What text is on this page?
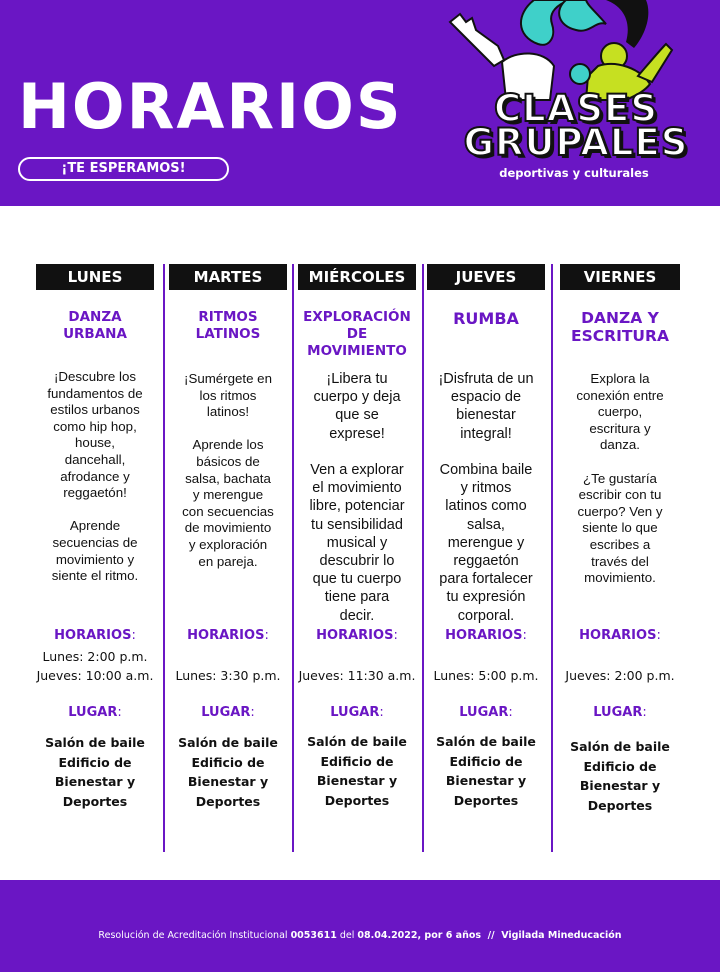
HORARIOS
¡TE ESPERAMOS!
CLASES
GRUPALES
deportivas y culturales
LUNES
DANZA
URBANA
¡Descubre los
fundamentos de
estilos urbanos
como hip hop,
house,
dancehall,
afrodance y
reggaetón!

Aprende
secuencias de
movimiento y
siente el ritmo.
HORARIOS:
Lunes: 2:00 p.m.
Jueves: 10:00 a.m.
LUGAR:
Salón de baile
Edificio de
Bienestar y
Deportes
MARTES
RITMOS
LATINOS
¡Sumérgete en
los ritmos
latinos!

Aprende los
básicos de
salsa, bachata
y merengue
con secuencias
de movimiento
y exploración
en pareja.
HORARIOS:
Lunes: 3:30 p.m.
LUGAR:
Salón de baile
Edificio de
Bienestar y
Deportes
MIÉRCOLES
EXPLORACIÓN
DE
MOVIMIENTO
¡Libera tu
cuerpo y deja
que se
exprese!

Ven a explorar
el movimiento
libre, potenciar
tu sensibilidad
musical y
descubrir lo
que tu cuerpo
tiene para
decir.
HORARIOS:
Jueves: 11:30 a.m.
LUGAR:
Salón de baile
Edificio de
Bienestar y
Deportes
JUEVES
RUMBA
¡Disfruta de un
espacio de
bienestar
integral!

Combina baile
y ritmos
latinos como
salsa,
merengue y
reggaetón
para fortalecer
tu expresión
corporal.
HORARIOS:
Lunes: 5:00 p.m.
LUGAR:
Salón de baile
Edificio de
Bienestar y
Deportes
VIERNES
DANZA Y
ESCRITURA
Explora la
conexión entre
cuerpo,
escritura y
danza.

¿Te gustaría
escribir con tu
cuerpo? Ven y
siente lo que
escribes a
través del
movimiento.
HORARIOS:
Jueves: 2:00 p.m.
LUGAR:
Salón de baile
Edificio de
Bienestar y
Deportes
Resolución de Acreditación Institucional 0053611 del 08.04.2022, por 6 años  //  Vigilada Mineducación
